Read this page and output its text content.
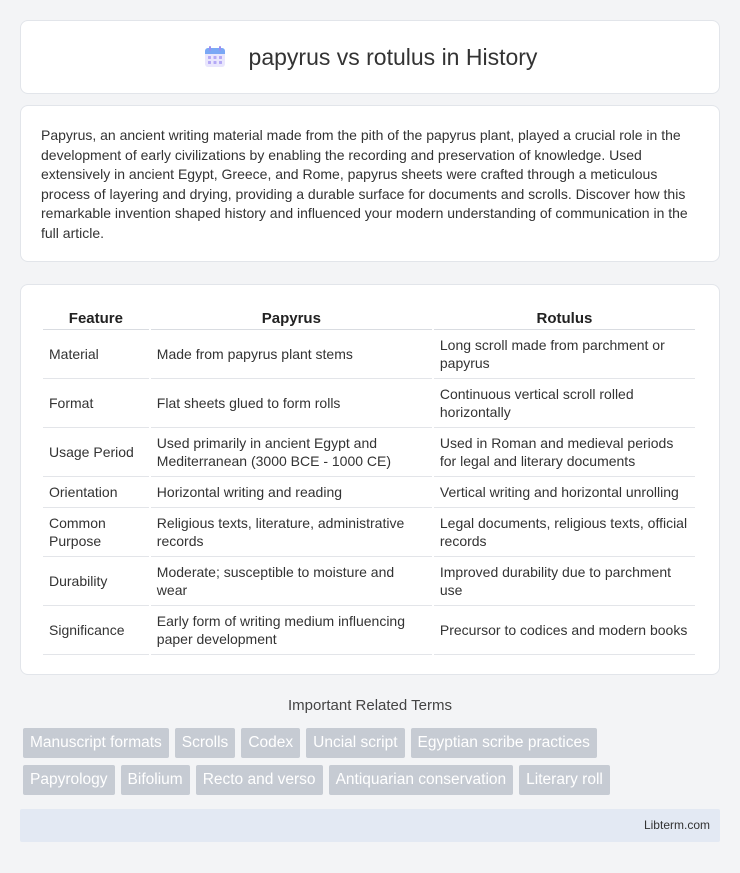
papyrus vs rotulus in History

Papyrus, an ancient writing material made from the pith of the papyrus plant, played a crucial role in the development of early civilizations by enabling the recording and preservation of knowledge. Used extensively in ancient Egypt, Greece, and Rome, papyrus sheets were crafted through a meticulous process of layering and drying, providing a durable surface for documents and scrolls. Discover how this remarkable invention shaped history and influenced your modern understanding of communication in the full article.

Feature	Papyrus	Rotulus
Material	Made from papyrus plant stems	Long scroll made from parchment or papyrus
Format	Flat sheets glued to form rolls	Continuous vertical scroll rolled horizontally
Usage Period	Used primarily in ancient Egypt and Mediterranean (3000 BCE - 1000 CE)	Used in Roman and medieval periods for legal and literary documents
Orientation	Horizontal writing and reading	Vertical writing and horizontal unrolling
Common Purpose	Religious texts, literature, administrative records	Legal documents, religious texts, official records
Durability	Moderate; susceptible to moisture and wear	Improved durability due to parchment use
Significance	Early form of writing medium influencing paper development	Precursor to codices and modern books
Important Related Terms
Manuscript formats	Scrolls	Codex	Uncial script	Egyptian scribe practices
Papyrology	Bifolium	Recto and verso	Antiquarian conservation	Literary roll
Libterm.com
